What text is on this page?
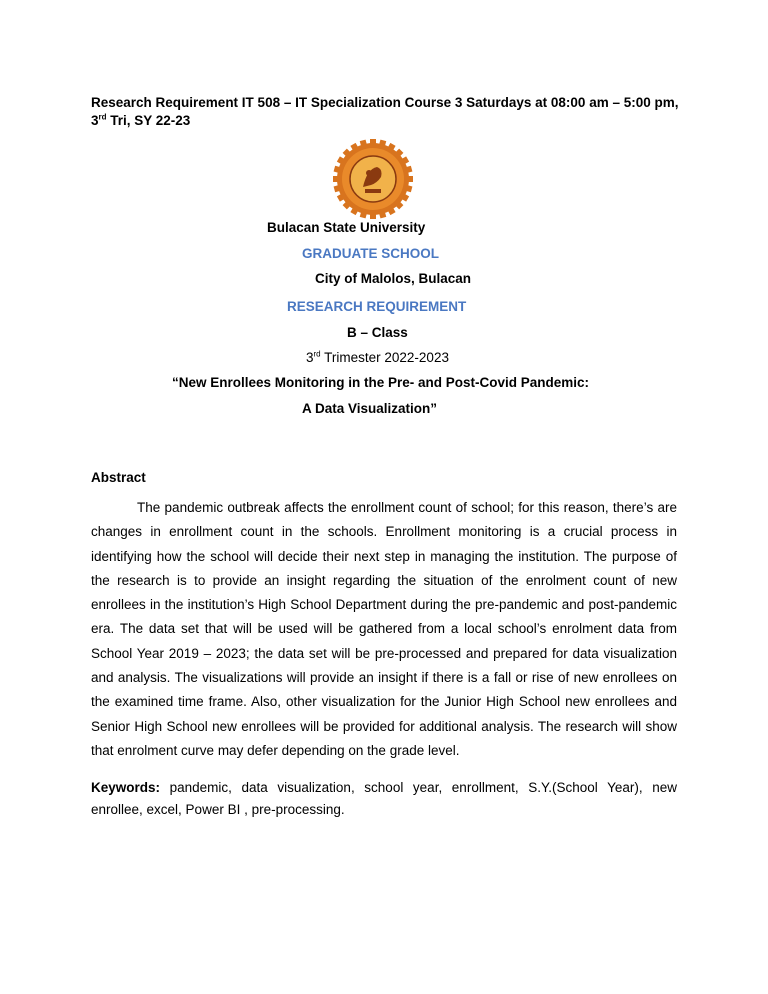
Research Requirement IT 508 – IT Specialization Course 3 Saturdays at 08:00 am – 5:00 pm, 3rd Tri, SY 22-23
Bulacan State University
GRADUATE SCHOOL
City of Malolos, Bulacan
RESEARCH REQUIREMENT
B – Class
3rd Trimester 2022-2023
“New Enrollees Monitoring in the Pre- and Post-Covid Pandemic:
A Data Visualization”
Abstract

The pandemic outbreak affects the enrollment count of school; for this reason, there’s are changes in enrollment count in the schools. Enrollment monitoring is a crucial process in identifying how the school will decide their next step in managing the institution. The purpose of the research is to provide an insight regarding the situation of the enrolment count of new enrollees in the institution’s High School Department during the pre-pandemic and post-pandemic era. The data set that will be used will be gathered from a local school’s enrolment data from School Year 2019 – 2023; the data set will be pre-processed and prepared for data visualization and analysis. The visualizations will provide an insight if there is a fall or rise of new enrollees on the examined time frame. Also, other visualization for the Junior High School new enrollees and Senior High School new enrollees will be provided for additional analysis. The research will show that enrolment curve may defer depending on the grade level.

Keywords: pandemic, data visualization, school year, enrollment, S.Y.(School Year), new enrollee, excel, Power BI , pre-processing.
